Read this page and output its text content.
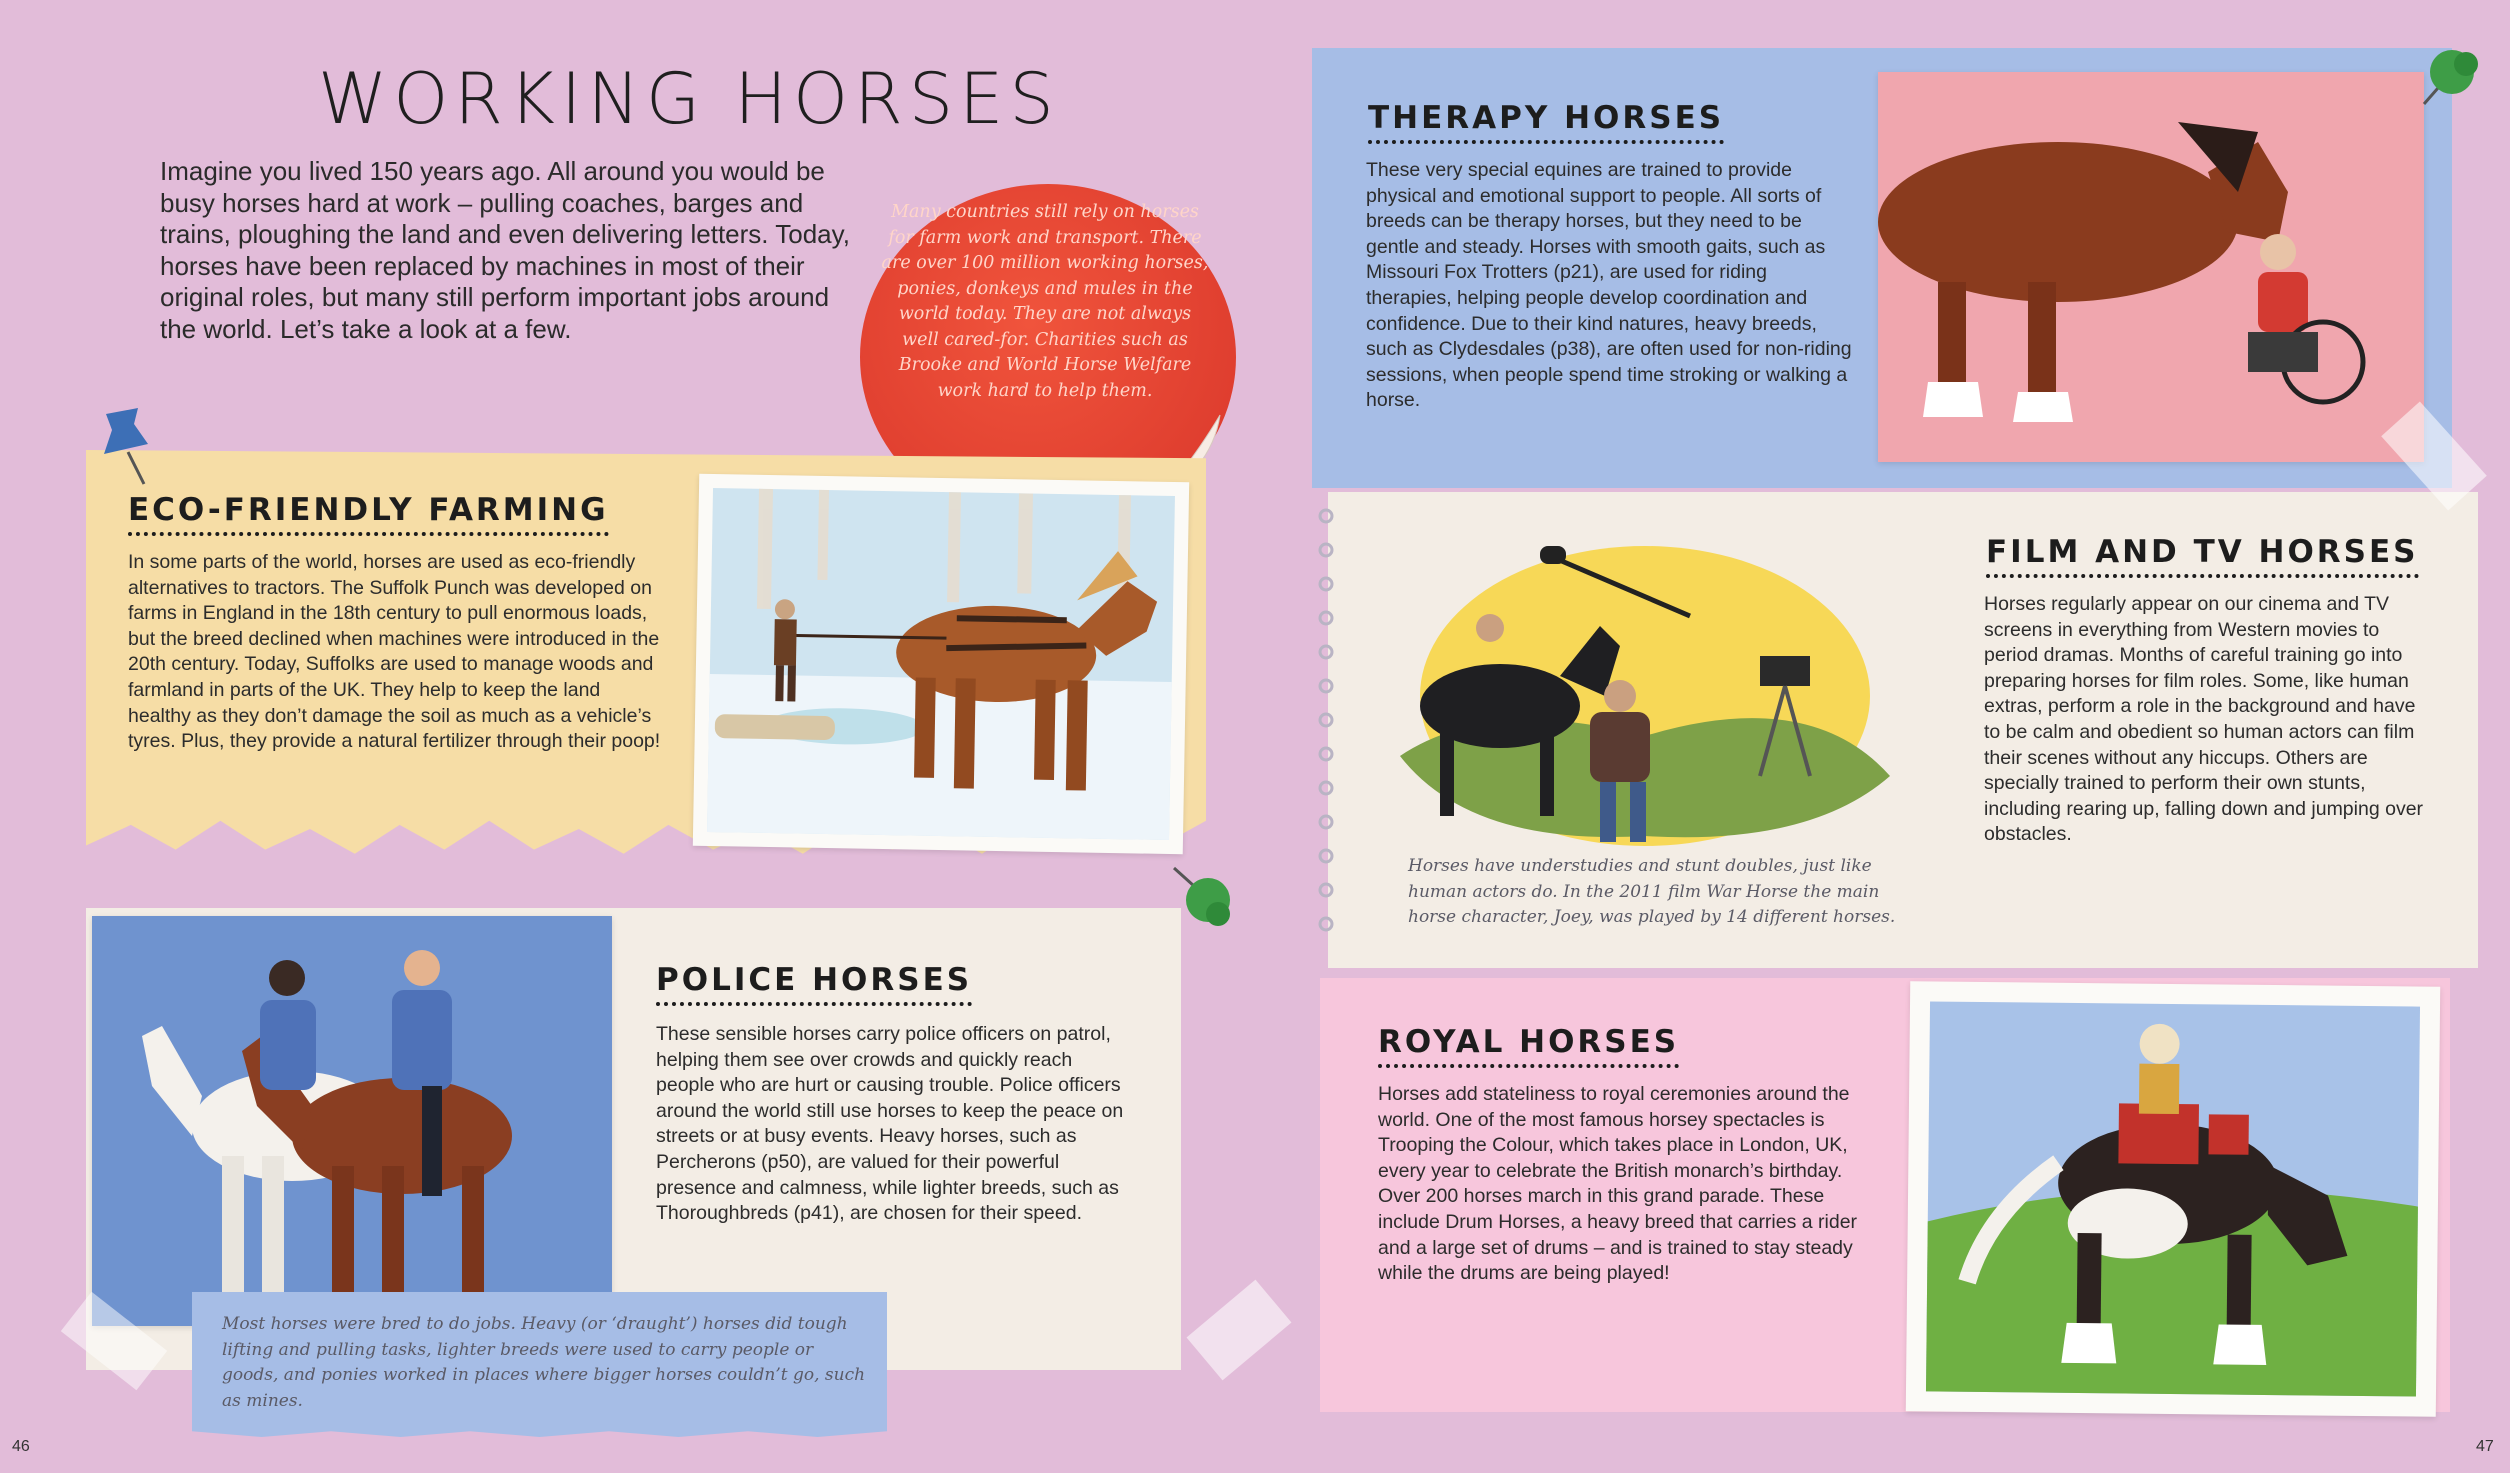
WORKING HORSES
Imagine you lived 150 years ago. All around you would be busy horses hard at work – pulling coaches, barges and trains, ploughing the land and even delivering letters. Today, horses have been replaced by machines in most of their original roles, but many still perform important jobs around the world. Let’s take a look at a few.
Many countries still rely on horses for farm work and transport. There are over 100 million working horses, ponies, donkeys and mules in the world today. They are not always well cared-for. Charities such as Brooke and World Horse Welfare work hard to help them.
ECO-FRIENDLY FARMING
In some parts of the world, horses are used as eco-friendly alternatives to tractors. The Suffolk Punch was developed on farms in England in the 18th century to pull enormous loads, but the breed declined when machines were introduced in the 20th century. Today, Suffolks are used to manage woods and farmland in parts of the UK. They help to keep the land healthy as they don’t damage the soil as much as a vehicle’s tyres. Plus, they provide a natural fertilizer through their poop!
POLICE HORSES
These sensible horses carry police officers on patrol, helping them see over crowds and quickly reach people who are hurt or causing trouble. Police officers around the world still use horses to keep the peace on streets or at busy events. Heavy horses, such as Percherons (p50), are valued for their powerful presence and calmness, while lighter breeds, such as Thoroughbreds (p41), are chosen for their speed.
Most horses were bred to do jobs. Heavy (or ‘draught’) horses did tough lifting and pulling tasks, lighter breeds were used to carry people or goods, and ponies worked in places where bigger horses couldn’t go, such as mines.
THERAPY HORSES
These very special equines are trained to provide physical and emotional support to people. All sorts of breeds can be therapy horses, but they need to be gentle and steady. Horses with smooth gaits, such as Missouri Fox Trotters (p21), are used for riding therapies, helping people develop coordination and confidence. Due to their kind natures, heavy breeds, such as Clydesdales (p38), are often used for non-riding sessions, when people spend time stroking or walking a horse.
Horses have understudies and stunt doubles, just like human actors do. In the 2011 film War Horse the main horse character, Joey, was played by 14 different horses.
FILM AND TV HORSES
Horses regularly appear on our cinema and TV screens in everything from Western movies to period dramas. Months of careful training go into preparing horses for film roles. Some, like human extras, perform a role in the background and have to be calm and obedient so human actors can film their scenes without any hiccups. Others are specially trained to perform their own stunts, including rearing up, falling down and jumping over obstacles.
ROYAL HORSES
Horses add stateliness to royal ceremonies around the world. One of the most famous horsey spectacles is Trooping the Colour, which takes place in London, UK, every year to celebrate the British monarch’s birthday. Over 200 horses march in this grand parade. These include Drum Horses, a heavy breed that carries a rider and a large set of drums – and is trained to stay steady while the drums are being played!
46	47
